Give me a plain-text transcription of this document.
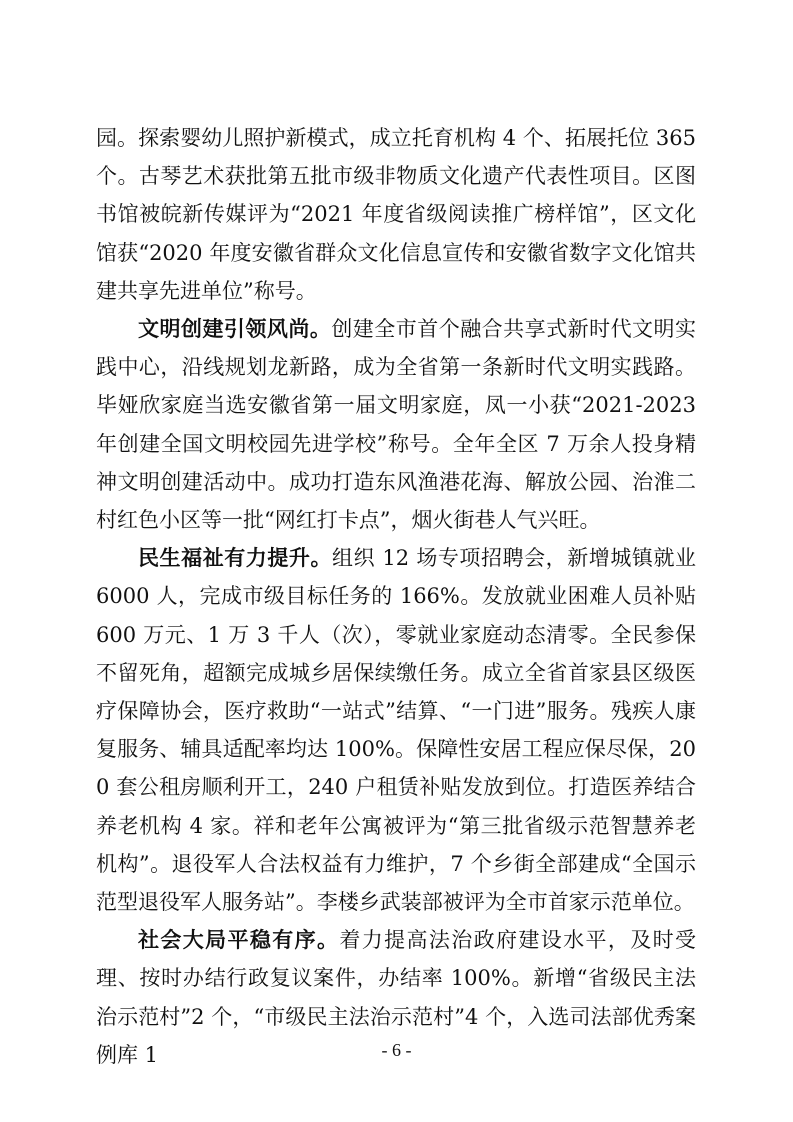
园。探索婴幼儿照护新模式，成立托育机构 4 个、拓展托位 365 个。古琴艺术获批第五批市级非物质文化遗产代表性项目。区图书馆被皖新传媒评为“2021 年度省级阅读推广榜样馆”，区文化馆获“2020 年度安徽省群众文化信息宣传和安徽省数字文化馆共建共享先进单位”称号。

文明创建引领风尚。创建全市首个融合共享式新时代文明实践中心，沿线规划龙新路，成为全省第一条新时代文明实践路。毕娅欣家庭当选安徽省第一届文明家庭，凤一小获“2021-2023 年创建全国文明校园先进学校”称号。全年全区 7 万余人投身精神文明创建活动中。成功打造东风渔港花海、解放公园、治淮二村红色小区等一批“网红打卡点”，烟火街巷人气兴旺。

民生福祉有力提升。组织 12 场专项招聘会，新增城镇就业 6000 人，完成市级目标任务的 166%。发放就业困难人员补贴 600 万元、1 万 3 千人（次），零就业家庭动态清零。全民参保不留死角，超额完成城乡居保续缴任务。成立全省首家县区级医疗保障协会，医疗救助“一站式”结算、“一门进”服务。残疾人康复服务、辅具适配率均达 100%。保障性安居工程应保尽保，200 套公租房顺利开工，240 户租赁补贴发放到位。打造医养结合养老机构 4 家。祥和老年公寓被评为“第三批省级示范智慧养老机构”。退役军人合法权益有力维护，7 个乡街全部建成“全国示范型退役军人服务站”。李楼乡武装部被评为全市首家示范单位。

社会大局平稳有序。着力提高法治政府建设水平，及时受理、按时办结行政复议案件，办结率 100%。新增“省级民主法治示范村”2 个，“市级民主法治示范村”4 个，入选司法部优秀案例库 1	- 6 -
